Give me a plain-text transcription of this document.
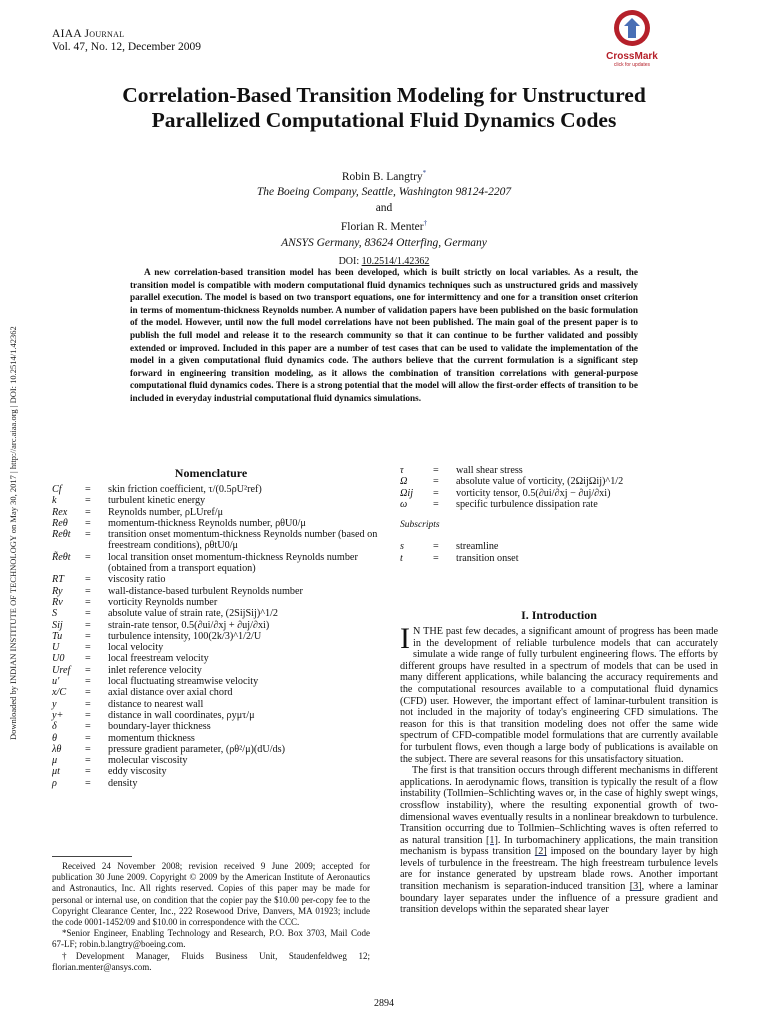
AIAA Journal
Vol. 47, No. 12, December 2009
CrossMark
click for updates
Downloaded by INDIAN INSTITUTE OF TECHNOLOGY on May 30, 2017 | http://arc.aiaa.org | DOI: 10.2514/1.42362
Correlation-Based Transition Modeling for Unstructured
Parallelized Computational Fluid Dynamics Codes
Robin B. Langtry*
The Boeing Company, Seattle, Washington 98124-2207
and
Florian R. Menter†
ANSYS Germany, 83624 Otterfing, Germany
DOI: 10.2514/1.42362
A new correlation-based transition model has been developed, which is built strictly on local variables. As a result, the transition model is compatible with modern computational fluid dynamics techniques such as unstructured grids and massively parallel execution. The model is based on two transport equations, one for intermittency and one for a transition onset criterion in terms of momentum-thickness Reynolds number. A number of validation papers have been published on the basic formulation of the model. However, until now the full model correlations have not been published. The main goal of the present paper is to publish the full model and release it to the research community so that it can continue to be further validated and possibly extended or improved. Included in this paper are a number of test cases that can be used to validate the implementation of the model in a given computational fluid dynamics code. The authors believe that the current formulation is a significant step forward in engineering transition modeling, as it allows the combination of transition correlations with general-purpose computational fluid dynamics codes. There is a strong potential that the model will allow the first-order effects of transition to be included in everyday industrial computational fluid dynamics simulations.
Nomenclature
Cf	=	skin friction coefficient, τ/(0.5ρU²ref)
k	=	turbulent kinetic energy
Rex	=	Reynolds number, ρLUref/μ
Reθ	=	momentum-thickness Reynolds number, ρθU0/μ
Reθt	=	transition onset momentum-thickness Reynolds number (based on freestream conditions), ρθtU0/μ
R̃eθt	=	local transition onset momentum-thickness Reynolds number (obtained from a transport equation)
RT	=	viscosity ratio
Ry	=	wall-distance-based turbulent Reynolds number
Rν	=	vorticity Reynolds number
S	=	absolute value of strain rate, (2SijSij)^1/2
Sij	=	strain-rate tensor, 0.5(∂ui/∂xj + ∂uj/∂xi)
Tu	=	turbulence intensity, 100(2k/3)^1/2/U
U	=	local velocity
U0	=	local freestream velocity
Uref	=	inlet reference velocity
u'	=	local fluctuating streamwise velocity
x/C	=	axial distance over axial chord
y	=	distance to nearest wall
y+	=	distance in wall coordinates, ρyμτ/μ
δ	=	boundary-layer thickness
θ	=	momentum thickness
λθ	=	pressure gradient parameter, (ρθ²/μ)(dU/ds)
μ	=	molecular viscosity
μt	=	eddy viscosity
ρ	=	density
τ	=	wall shear stress
Ω	=	absolute value of vorticity, (2ΩijΩij)^1/2
Ωij	=	vorticity tensor, 0.5(∂ui/∂xj − ∂uj/∂xi)
ω	=	specific turbulence dissipation rate
Subscripts
s	=	streamline
t	=	transition onset
I. Introduction

I N THE past few decades, a significant amount of progress has been made in the development of reliable turbulence models that can accurately simulate a wide range of fully turbulent engineering flows. The efforts by different groups have resulted in a spectrum of models that can be used in many different applications, while balancing the accuracy requirements and the computational resources available to a computational fluid dynamics (CFD) user. However, the important effect of laminar-turbulent transition is not included in the majority of today's engineering CFD simulations. The reason for this is that transition modeling does not offer the same wide spectrum of CFD-compatible model formulations that are currently available for turbulent flows, even though a large body of publications is available on the subject. There are several reasons for this unsatisfactory situation.

The first is that transition occurs through different mechanisms in different applications. In aerodynamic flows, transition is typically the result of a flow instability (Tollmien–Schlichting waves or, in the case of highly swept wings, crossflow instability), where the resulting exponential growth of two-dimensional waves eventually results in a nonlinear breakdown to turbulence. Transition occurring due to Tollmien–Schlichting waves is often referred to as natural transition [1]. In turbomachinery applications, the main transition mechanism is bypass transition [2] imposed on the boundary layer by high levels of turbulence in the freestream. The high freestream turbulence levels are for instance generated by upstream blade rows. Another important transition mechanism is separation-induced transition [3], where a laminar boundary layer separates under the influence of a pressure gradient and transition develops within the separated shear layer

Received 24 November 2008; revision received 9 June 2009; accepted for publication 30 June 2009. Copyright © 2009 by the American Institute of Aeronautics and Astronautics, Inc. All rights reserved. Copies of this paper may be made for personal or internal use, on condition that the copier pay the $10.00 per-copy fee to the Copyright Clearance Center, Inc., 222 Rosewood Drive, Danvers, MA 01923; include the code 0001-1452/09 and $10.00 in correspondence with the CCC.

*Senior Engineer, Enabling Technology and Research, P.O. Box 3703, Mail Code 67-LF; robin.b.langtry@boeing.com.

†Development Manager, Fluids Business Unit, Staudenfeldweg 12; florian.menter@ansys.com.

2894
